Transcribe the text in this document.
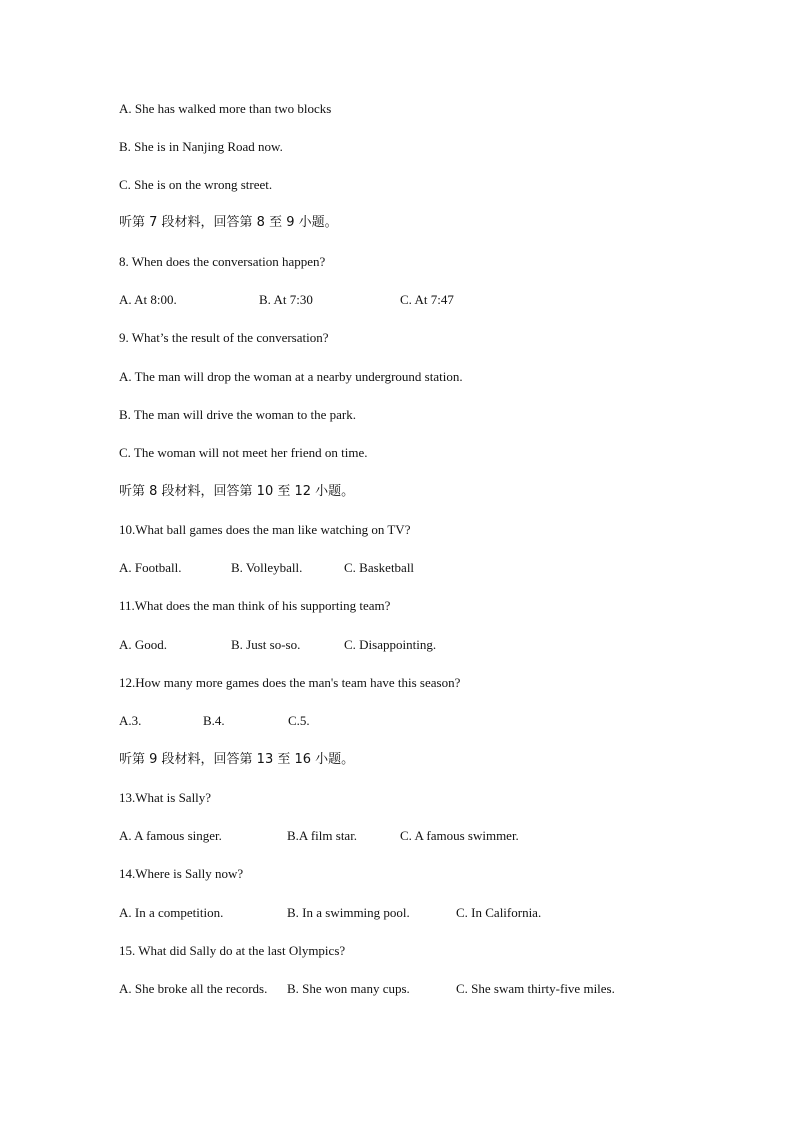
A. She has walked more than two blocks
B. She is in Nanjing Road now.
C. She is on the wrong street.
听第 7 段材料，回答第 8 至 9 小题。
8. When does the conversation happen?
A. At 8:00.	B. At 7:30	C. At 7:47
9. What’s the result of the conversation?
A. The man will drop the woman at a nearby underground station.
B. The man will drive the woman to the park.
C. The woman will not meet her friend on time.
听第 8 段材料，回答第 10 至 12 小题。
10.What ball games does the man like watching on TV?
A. Football.	B. Volleyball.	C. Basketball
11.What does the man think of his supporting team?
A. Good.	B. Just so-so.	C. Disappointing.
12.How many more games does the man's team have this season?
A.3.	B.4.	C.5.
听第 9 段材料，回答第 13 至 16 小题。
13.What is Sally?
A. A famous singer.	B.A film star.	C. A famous swimmer.
14.Where is Sally now?
A. In a competition.	B. In a swimming pool.	C. In California.
15. What did Sally do at the last Olympics?
A. She broke all the records. B. She won many cups.	C. She swam thirty-five miles.
